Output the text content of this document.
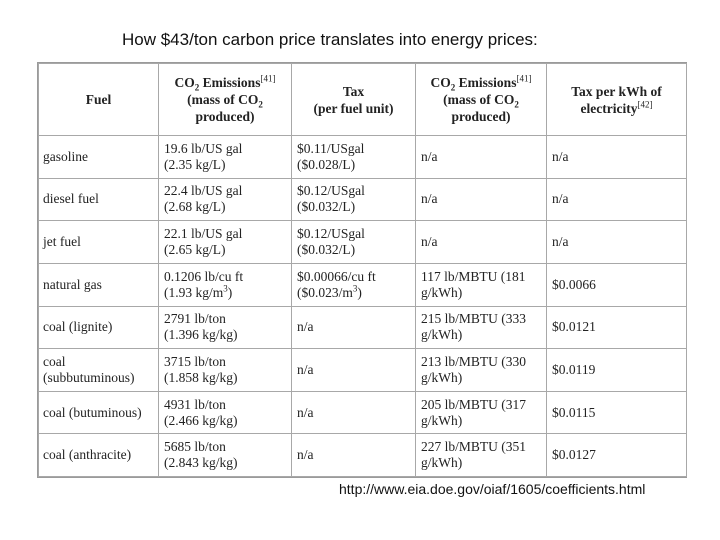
How $43/ton carbon price translates into energy prices:
Fuel	$CO_2$ Emissions[41]
(mass of $CO_2$
produced)	Tax
(per fuel unit)	$CO_2$ Emissions[41]
(mass of $CO_2$
produced)	Tax per kWh of
electricity[42]

gasoline	19.6 lb/US gal
(2.35 kg/L)	$0.11/USgal
($0.028/L)	n/a	n/a
diesel fuel	22.4 lb/US gal
(2.68 kg/L)	$0.12/USgal
($0.032/L)	n/a	n/a
jet fuel	22.1 lb/US gal
(2.65 kg/L)	$0.12/USgal
($0.032/L)	n/a	n/a
natural gas	0.1206 lb/cu ft
(1.93 $kg/m^3$)	$0.00066/cu ft
$(\$0.023/m^3)$	117 lb/MBTU (181
g/kWh)	$0.0066
coal (lignite)	2791 lb/ton
(1.396 kg/kg)	n/a	215 lb/MBTU (333
g/kWh)	$0.0121

coal
(subbutuminous)	3715 lb/ton
(1.858 kg/kg)	n/a	213 lb/MBTU (330
g/kWh)	$0.0119
coal (butuminous)	4931 lb/ton
(2.466 kg/kg)	n/a	205 lb/MBTU (317
g/kWh)	$0.0115
coal (anthracite)	5685 lb/ton
(2.843 kg/kg)	n/a	227 lb/MBTU (351
g/kWh)	$0.0127
http://www.eia.doe.gov/oiaf/1605/coefficients.html
